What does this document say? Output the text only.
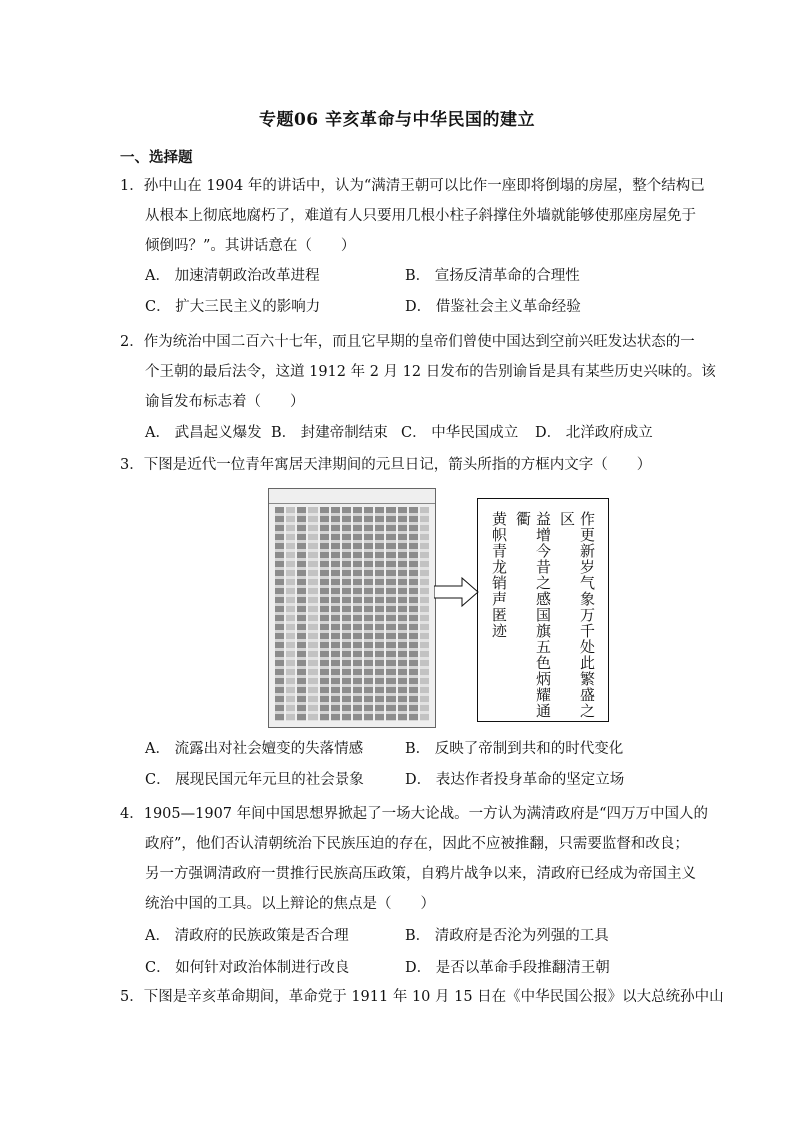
专题06 辛亥革命与中华民国的建立
一、选择题
1．孙中山在 1904 年的讲话中，认为“满清王朝可以比作一座即将倒塌的房屋，整个结构已
从根本上彻底地腐朽了，难道有人只要用几根小柱子斜撑住外墙就能够使那座房屋免于
倾倒吗？”。其讲话意在（　　）
A． 加速清朝政治改革进程	B． 宣扬反清革命的合理性
C． 扩大三民主义的影响力	D． 借鉴社会主义革命经验
2．作为统治中国二百六十七年，而且它早期的皇帝们曾使中国达到空前兴旺发达状态的一
个王朝的最后法令，这道 1912 年 2 月 12 日发布的告别谕旨是具有某些历史兴味的。该
谕旨发布标志着（　　）
A． 武昌起义爆发 B． 封建帝制结束 C． 中华民国成立 D． 北洋政府成立
3．下图是近代一位青年寓居天津期间的元旦日记，箭头所指的方框内文字（　　）
作更新岁气象万千处此繁盛之区
益增今昔之感国旗五色炳耀通衢
黄帜青龙销声匿迹
A． 流露出对社会嬗变的失落情感	B． 反映了帝制到共和的时代变化
C． 展现民国元年元旦的社会景象	D． 表达作者投身革命的坚定立场
4．1905—1907 年间中国思想界掀起了一场大论战。一方认为满清政府是“四万万中国人的
政府”，他们否认清朝统治下民族压迫的存在，因此不应被推翻，只需要监督和改良；
另一方强调清政府一贯推行民族高压政策，自鸦片战争以来，清政府已经成为帝国主义
统治中国的工具。以上辩论的焦点是（　　）
A． 清政府的民族政策是否合理	B． 清政府是否沦为列强的工具
C． 如何针对政治体制进行改良	D． 是否以革命手段推翻清王朝
5．下图是辛亥革命期间，革命党于 1911 年 10 月 15 日在《中华民国公报》以大总统孙中山
